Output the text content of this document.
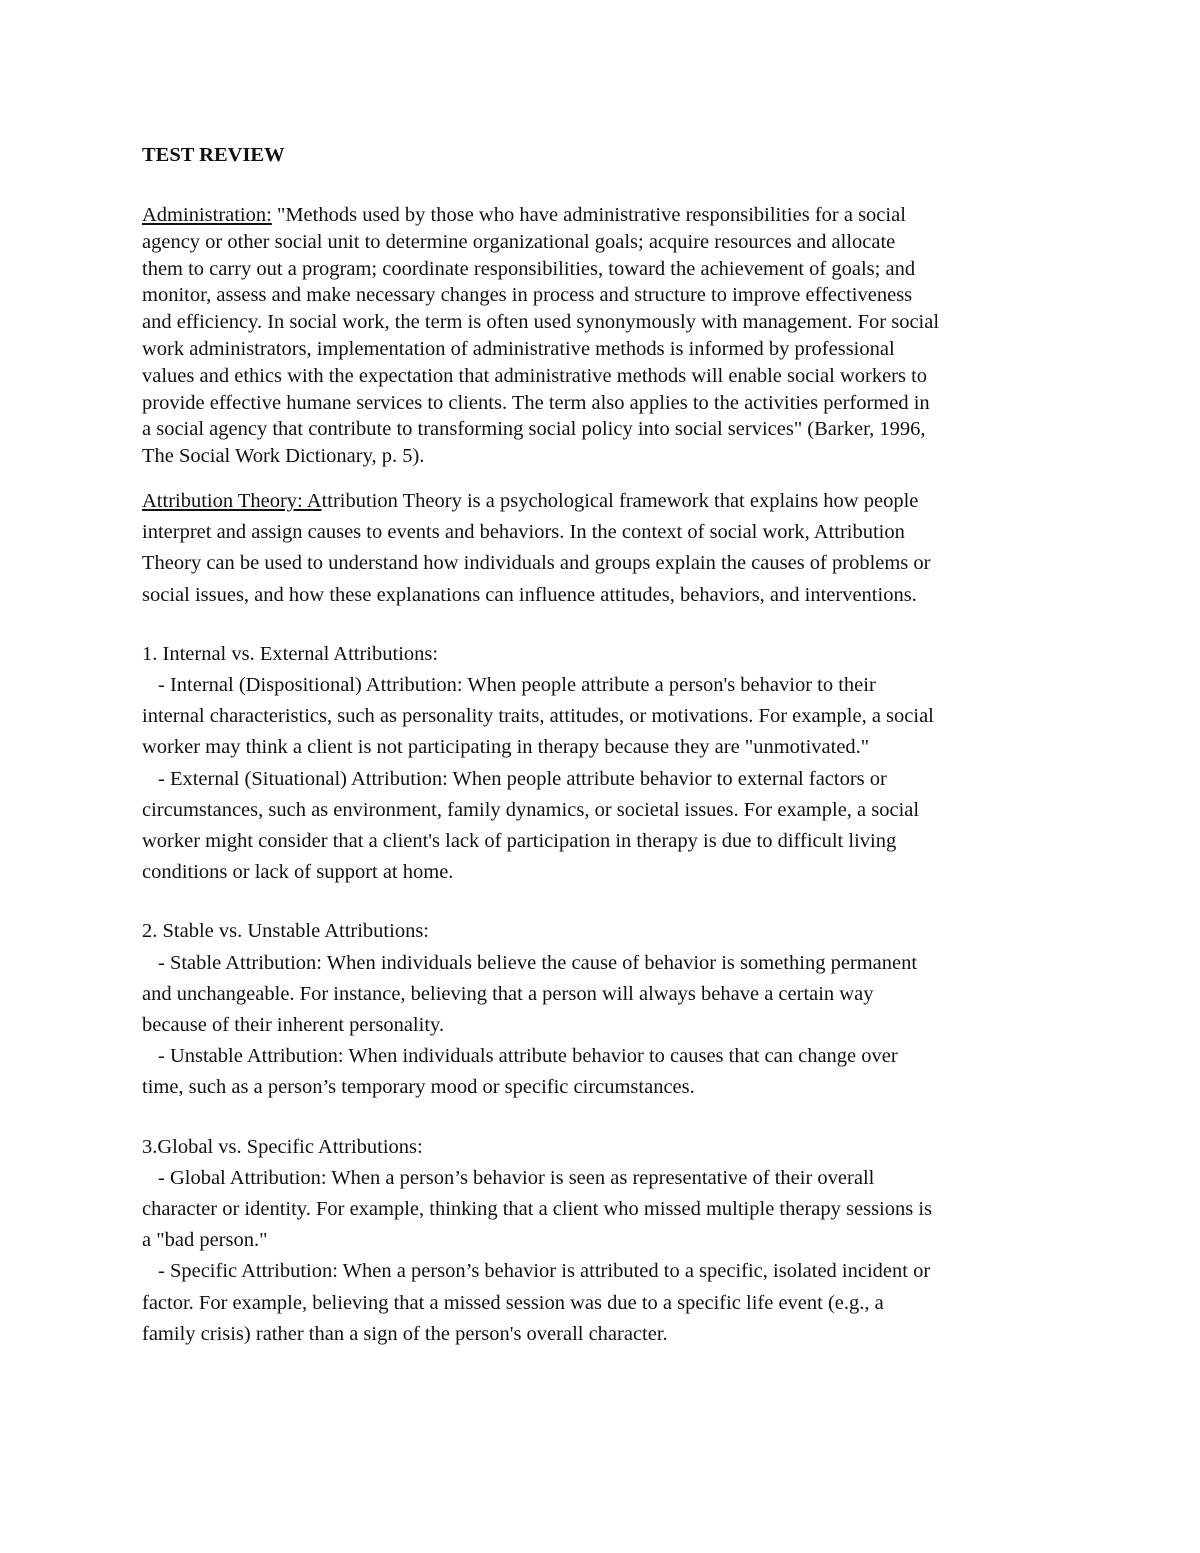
TEST REVIEW

Administration: "Methods used by those who have administrative responsibilities for a social
agency or other social unit to determine organizational goals; acquire resources and allocate
them to carry out a program; coordinate responsibilities, toward the achievement of goals; and
monitor, assess and make necessary changes in process and structure to improve effectiveness
and efficiency. In social work, the term is often used synonymously with management. For social
work administrators, implementation of administrative methods is informed by professional
values and ethics with the expectation that administrative methods will enable social workers to
provide effective humane services to clients. The term also applies to the activities performed in
a social agency that contribute to transforming social policy into social services" (Barker, 1996,
The Social Work Dictionary, p. 5).

Attribution Theory: Attribution Theory is a psychological framework that explains how people
interpret and assign causes to events and behaviors. In the context of social work, Attribution
Theory can be used to understand how individuals and groups explain the causes of problems or
social issues, and how these explanations can influence attitudes, behaviors, and interventions.

1. Internal vs. External Attributions:
- Internal (Dispositional) Attribution: When people attribute a person's behavior to their
internal characteristics, such as personality traits, attitudes, or motivations. For example, a social
worker may think a client is not participating in therapy because they are "unmotivated."
- External (Situational) Attribution: When people attribute behavior to external factors or
circumstances, such as environment, family dynamics, or societal issues. For example, a social
worker might consider that a client's lack of participation in therapy is due to difficult living
conditions or lack of support at home.
2. Stable vs. Unstable Attributions:
- Stable Attribution: When individuals believe the cause of behavior is something permanent
and unchangeable. For instance, believing that a person will always behave a certain way
because of their inherent personality.
- Unstable Attribution: When individuals attribute behavior to causes that can change over
time, such as a person’s temporary mood or specific circumstances.
3.Global vs. Specific Attributions:
- Global Attribution: When a person’s behavior is seen as representative of their overall
character or identity. For example, thinking that a client who missed multiple therapy sessions is
a "bad person."
- Specific Attribution: When a person’s behavior is attributed to a specific, isolated incident or
factor. For example, believing that a missed session was due to a specific life event (e.g., a
family crisis) rather than a sign of the person's overall character.
